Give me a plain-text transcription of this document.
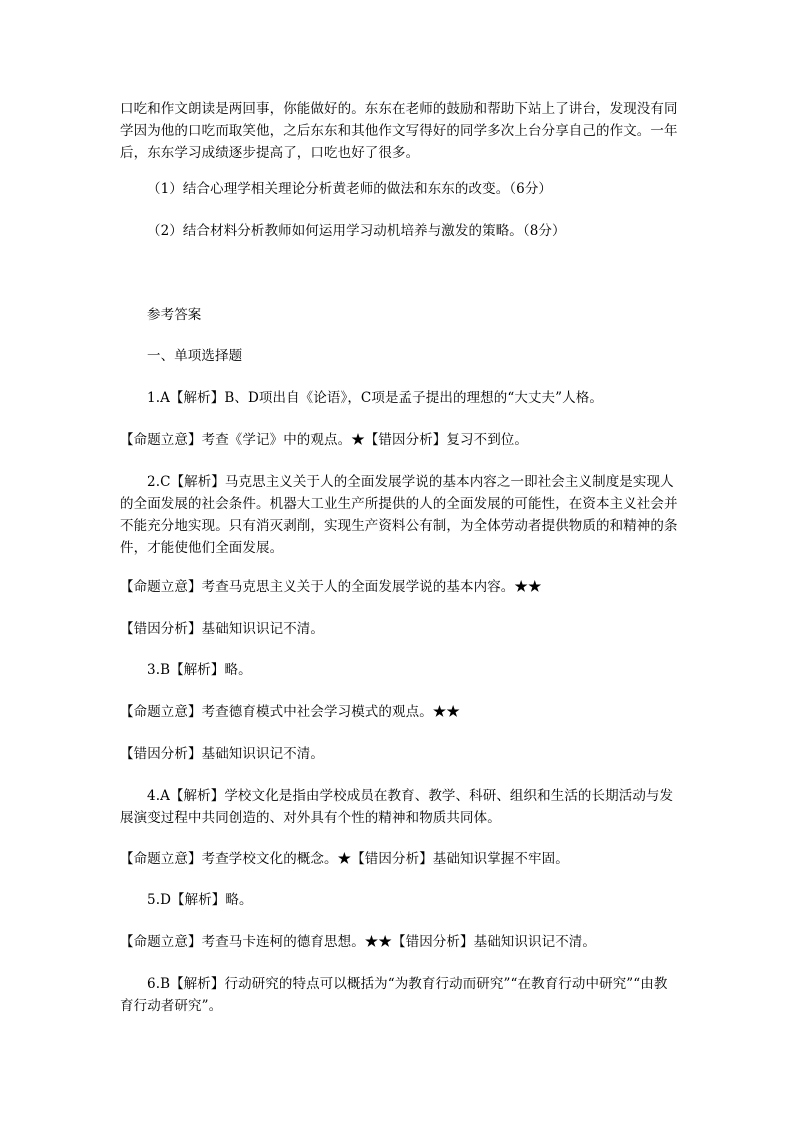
口吃和作文朗读是两回事，你能做好的。东东在老师的鼓励和帮助下站上了讲台，发现没有同学因为他的口吃而取笑他，之后东东和其他作文写得好的同学多次上台分享自己的作文。一年后，东东学习成绩逐步提高了，口吃也好了很多。

（1）结合心理学相关理论分析黄老师的做法和东东的改变。（6分）

（2）结合材料分析教师如何运用学习动机培养与激发的策略。（8分）

参考答案

一、单项选择题

1.A【解析】B、D项出自《论语》，C项是孟子提出的理想的“大丈夫”人格。

【命题立意】考查《学记》中的观点。★【错因分析】复习不到位。

2.C【解析】马克思主义关于人的全面发展学说的基本内容之一即社会主义制度是实现人的全面发展的社会条件。机器大工业生产所提供的人的全面发展的可能性，在资本主义社会并不能充分地实现。只有消灭剥削，实现生产资料公有制，为全体劳动者提供物质的和精神的条件，才能使他们全面发展。

【命题立意】考查马克思主义关于人的全面发展学说的基本内容。★★

【错因分析】基础知识识记不清。

3.B【解析】略。

【命题立意】考查德育模式中社会学习模式的观点。★★

【错因分析】基础知识识记不清。

4.A【解析】学校文化是指由学校成员在教育、教学、科研、组织和生活的长期活动与发展演变过程中共同创造的、对外具有个性的精神和物质共同体。

【命题立意】考查学校文化的概念。★【错因分析】基础知识掌握不牢固。

5.D【解析】略。

【命题立意】考查马卡连柯的德育思想。★★【错因分析】基础知识识记不清。

6.B【解析】行动研究的特点可以概括为“为教育行动而研究”“在教育行动中研究”“由教育行动者研究”。
